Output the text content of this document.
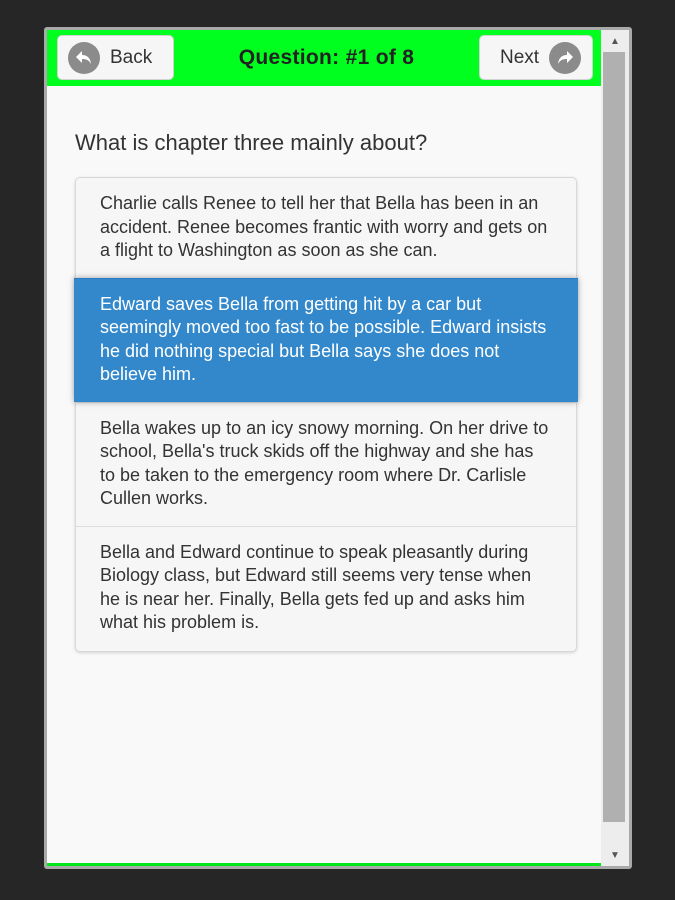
Back	Question: #1 of 8	Next
What is chapter three mainly about?
Charlie calls Renee to tell her that Bella has been in an accident. Renee becomes frantic with worry and gets on a flight to Washington as soon as she can.
Edward saves Bella from getting hit by a car but seemingly moved too fast to be possible. Edward insists he did nothing special but Bella says she does not believe him.
Bella wakes up to an icy snowy morning. On her drive to school, Bella's truck skids off the highway and she has to be taken to the emergency room where Dr. Carlisle Cullen works.
Bella and Edward continue to speak pleasantly during Biology class, but Edward still seems very tense when he is near her. Finally, Bella gets fed up and asks him what his problem is.
▲
▼
